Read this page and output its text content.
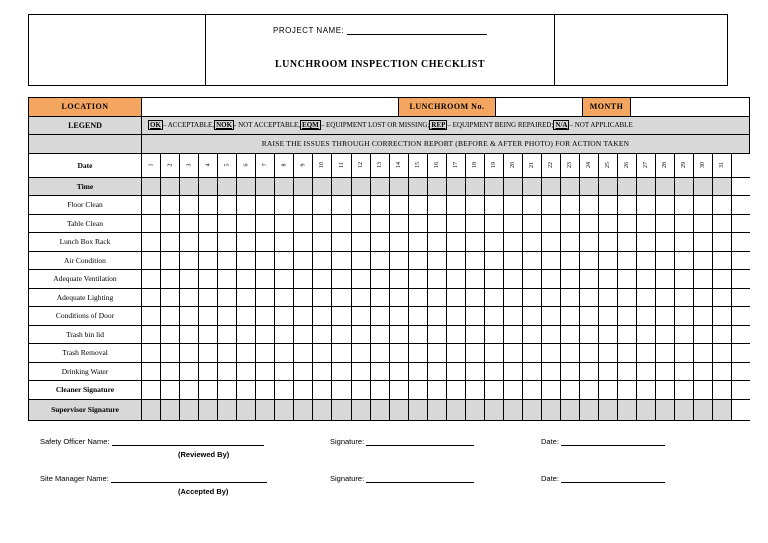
PROJECT NAME:
LUNCHROOM INSPECTION CHECKLIST
LOCATION	LUNCHROOM No.	MONTH
LEGEND	OK – ACCEPTABLE, NOK - NOT ACCEPTABLE, EQM – EQUIPMENT LOST OR MISSING; REP – EQUIPMENT BEING REPAIRED; N/A – NOT APPLICABLE
RAISE THE ISSUES THROUGH CORRECTION REPORT (BEFORE & AFTER PHOTO) FOR ACTION TAKEN
Date	1 2 3 4 5 6 7 8 9 10 11 12 13 14 15 16 17 18 19 20 21 22 23 24 25 26 27 28 29 30 31
Time
Floor Clean
Table Clean
Lunch Box Rack
Air Condition
Adequate Ventilation
Adequate Lighting
Conditions of Door
Trash bin lid
Trash Removal
Drinking Water
Cleaner Signature
Supervisor Signature
Safety Officer Name:
(Reviewed By)
Signature:	Date:
Site Manager Name:
(Accepted By)
Signature:	Date:
